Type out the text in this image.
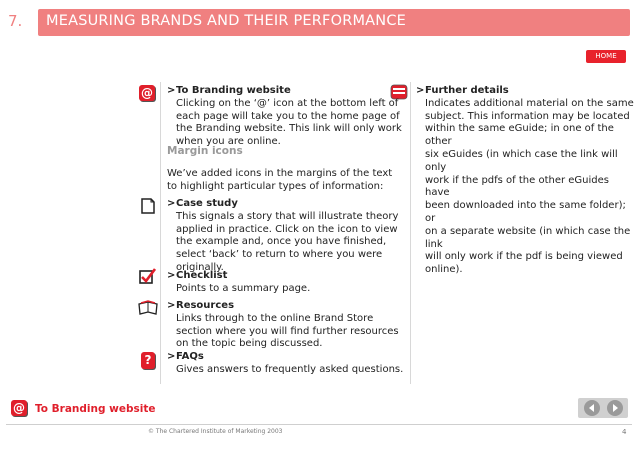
7. MEASURING BRANDS AND THEIR PERFORMANCE
HOME
@
?
> To Branding website
Clicking on the ‘@’ icon at the bottom left of
each page will take you to the home page of
the Branding website. This link will only work
when you are online.
Margin icons
We’ve added icons in the margins of the text
to highlight particular types of information:
> Case study
This signals a story that will illustrate theory
applied in practice. Click on the icon to view
the example and, once you have finished,
select ‘back’ to return to where you were
originally.
> Checklist
Points to a summary page.
> Resources
Links through to the online Brand Store
section where you will find further resources
on the topic being discussed.
> FAQs
Gives answers to frequently asked questions.
> Further details
Indicates additional material on the same
subject. This information may be located
within the same eGuide; in one of the other
six eGuides (in which case the link will only
work if the pdfs of the other eGuides have
been downloaded into the same folder); or
on a separate website (in which case the link
will only work if the pdf is being viewed
online).
@ To Branding website
© The Chartered Institute of Marketing 2003	4
